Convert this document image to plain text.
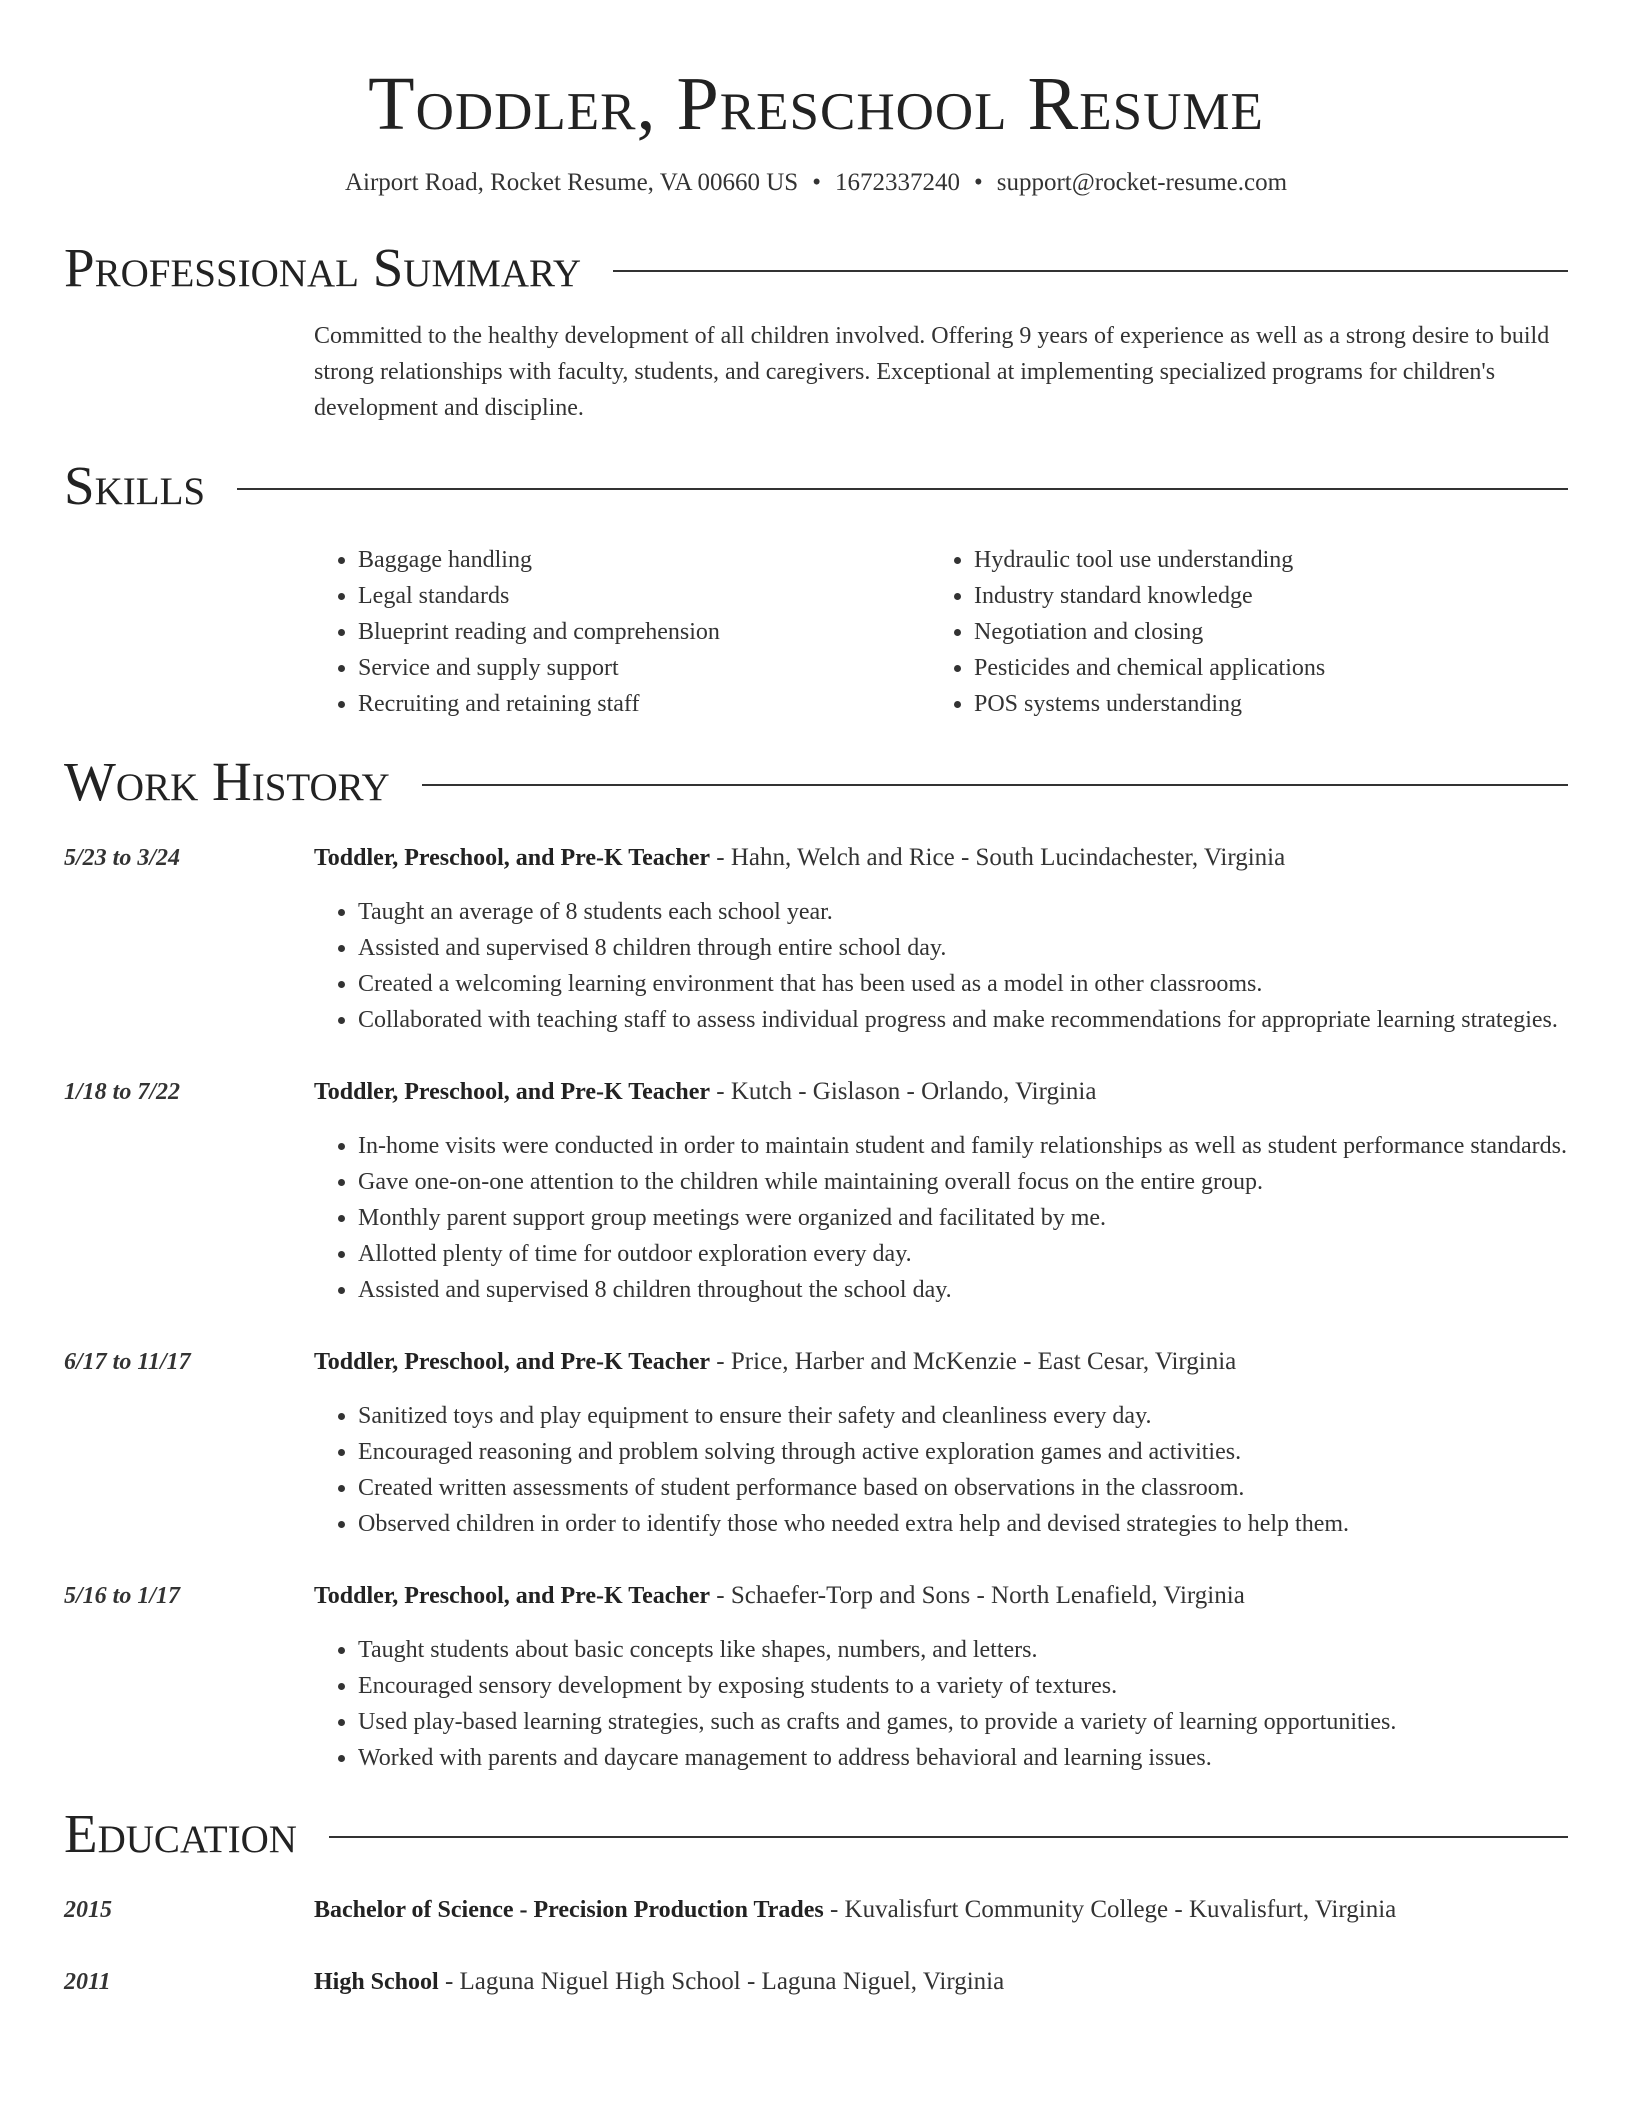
Toddler, Preschool Resume
Airport Road, Rocket Resume, VA 00660 US • 1672337240 • support@rocket-resume.com
Professional Summary
Committed to the healthy development of all children involved. Offering 9 years of experience as well as a strong desire to build strong relationships with faculty, students, and caregivers. Exceptional at implementing specialized programs for children's development and discipline.
Skills
• Baggage handling
• Legal standards
• Blueprint reading and comprehension
• Service and supply support
• Recruiting and retaining staff
• Hydraulic tool use understanding
• Industry standard knowledge
• Negotiation and closing
• Pesticides and chemical applications
• POS systems understanding
Work History
5/23 to 3/24	Toddler, Preschool, and Pre-K Teacher - Hahn, Welch and Rice - South Lucindachester, Virginia
• Taught an average of 8 students each school year.
• Assisted and supervised 8 children through entire school day.
• Created a welcoming learning environment that has been used as a model in other classrooms.
• Collaborated with teaching staff to assess individual progress and make recommendations for appropriate learning strategies.
1/18 to 7/22	Toddler, Preschool, and Pre-K Teacher - Kutch - Gislason - Orlando, Virginia
• In-home visits were conducted in order to maintain student and family relationships as well as student performance standards.
• Gave one-on-one attention to the children while maintaining overall focus on the entire group.
• Monthly parent support group meetings were organized and facilitated by me.
• Allotted plenty of time for outdoor exploration every day.
• Assisted and supervised 8 children throughout the school day.
6/17 to 11/17	Toddler, Preschool, and Pre-K Teacher - Price, Harber and McKenzie - East Cesar, Virginia
• Sanitized toys and play equipment to ensure their safety and cleanliness every day.
• Encouraged reasoning and problem solving through active exploration games and activities.
• Created written assessments of student performance based on observations in the classroom.
• Observed children in order to identify those who needed extra help and devised strategies to help them.
5/16 to 1/17	Toddler, Preschool, and Pre-K Teacher - Schaefer-Torp and Sons - North Lenafield, Virginia
• Taught students about basic concepts like shapes, numbers, and letters.
• Encouraged sensory development by exposing students to a variety of textures.
• Used play-based learning strategies, such as crafts and games, to provide a variety of learning opportunities.
• Worked with parents and daycare management to address behavioral and learning issues.
Education
2015	Bachelor of Science - Precision Production Trades - Kuvalisfurt Community College - Kuvalisfurt, Virginia
2011	High School - Laguna Niguel High School - Laguna Niguel, Virginia
